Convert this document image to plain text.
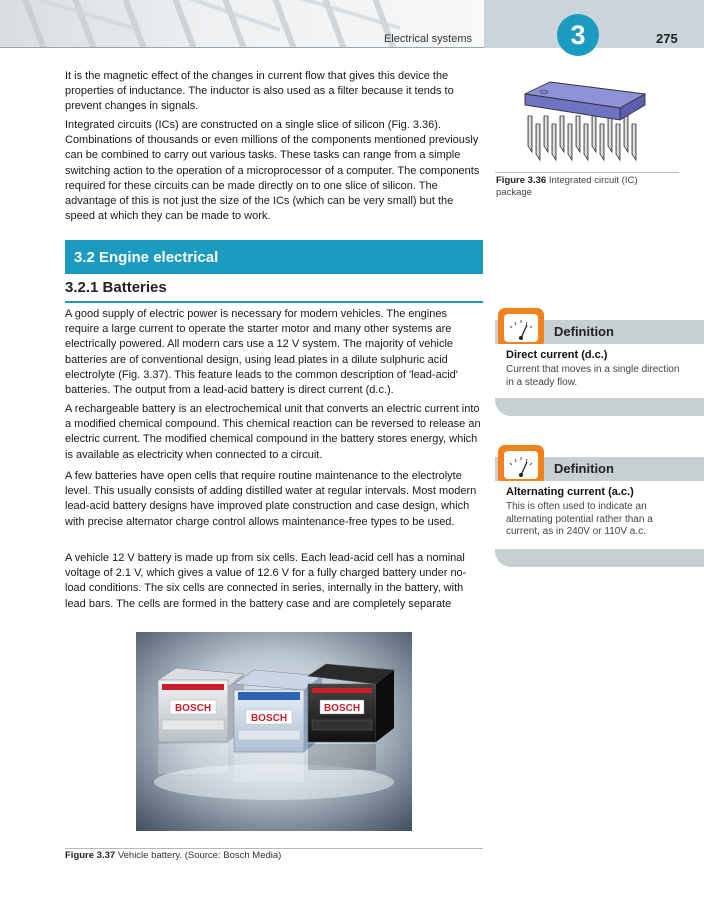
Electrical systems	3	275

It is the magnetic effect of the changes in current flow that gives this device the properties of inductance. The inductor is also used as a filter because it tends to prevent changes in signals.

Integrated circuits (ICs) are constructed on a single slice of silicon (Fig. 3.36). Combinations of thousands or even millions of the components mentioned previously can be combined to carry out various tasks. These tasks can range from a simple switching action to the operation of a microprocessor of a computer. The components required for these circuits can be made directly on to one slice of silicon. The advantage of this is not just the size of the ICs (which can be very small) but the speed at which they can be made to work.

3.2 Engine electrical
3.2.1 Batteries

A good supply of electric power is necessary for modern vehicles. The engines require a large current to operate the starter motor and many other systems are electrically powered. All modern cars use a 12 V system. The majority of vehicle batteries are of conventional design, using lead plates in a dilute sulphuric acid electrolyte (Fig. 3.37). This feature leads to the common description of 'lead-acid' batteries. The output from a lead-acid battery is direct current (d.c.).

A rechargeable battery is an electrochemical unit that converts an electric current into a modified chemical compound. This chemical reaction can be reversed to release an electric current. The modified chemical compound in the battery stores energy, which is available as electricity when connected to a circuit.

A few batteries have open cells that require routine maintenance to the electrolyte level. This usually consists of adding distilled water at regular intervals. Most modern lead-acid battery designs have improved plate construction and case design, which with precise alternator charge control allows maintenance-free types to be used.

A vehicle 12 V battery is made up from six cells. Each lead-acid cell has a nominal voltage of 2.1 V, which gives a value of 12.6 V for a fully charged battery under no-load conditions. The six cells are connected in series, internally in the battery, with lead bars. The cells are formed in the battery case and are completely separate

Figure 3.36 Integrated circuit (IC) package

Definition
Direct current (d.c.)

Current that moves in a single direction in a steady flow.

Definition
Alternating current (a.c.)

This is often used to indicate an alternating potential rather than a current, as in 240V or 110V a.c.

BOSCH
BOSCH
BOSCH
Figure 3.37 Vehicle battery. (Source: Bosch Media)
